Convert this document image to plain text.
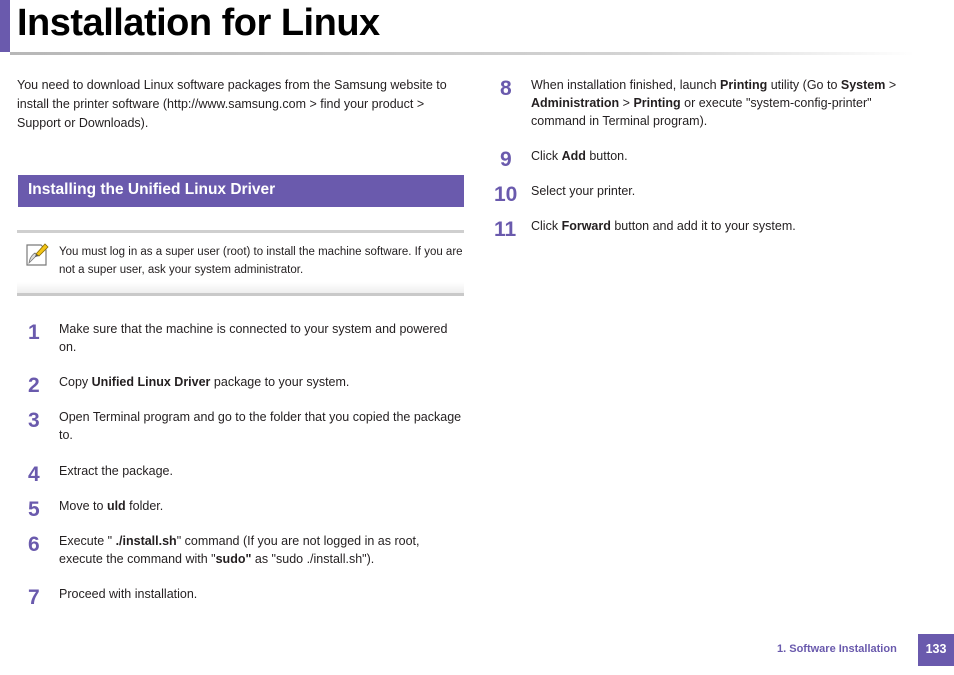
Installation for Linux

You need to download Linux software packages from the Samsung website to install the printer software (http://www.samsung.com > find your product > Support or Downloads).

Installing the Unified Linux Driver
You must log in as a super user (root) to install the machine software. If you are not a super user, ask your system administrator.
1 Make sure that the machine is connected to your system and powered on.
2 Copy Unified Linux Driver package to your system.
3 Open Terminal program and go to the folder that you copied the package to.
4 Extract the package.
5 Move to uld folder.
6 Execute " ./install.sh" command (If you are not logged in as root, execute the command with "sudo" as "sudo ./install.sh").
7 Proceed with installation.
8 When installation finished, launch Printing utility (Go to System > Administration > Printing or execute "system-config-printer" command in Terminal program).
9 Click Add button.
10 Select your printer.
11 Click Forward button and add it to your system.
1. Software Installation	133
